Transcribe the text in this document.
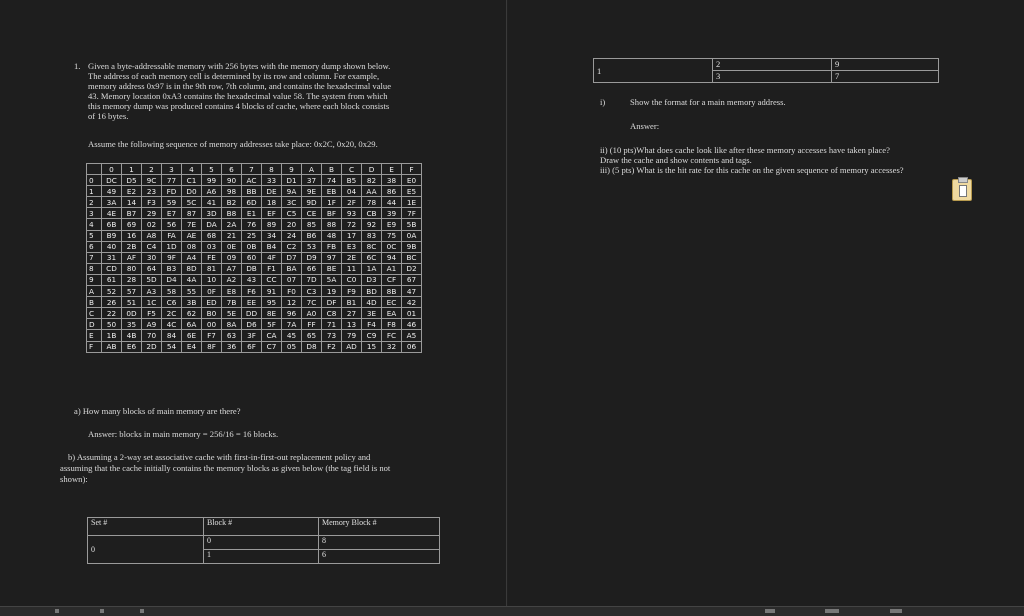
1. Given a byte-addressable memory with 256 bytes with the memory dump shown below.
The address of each memory cell is determined by its row and column. For example,
memory address 0x97 is in the 9th row, 7th column, and contains the hexadecimal value
43. Memory location 0xA3 contains the hexadecimal value 58. The system from which
this memory dump was produced contains 4 blocks of cache, where each block consists
of 16 bytes.
Assume the following sequence of memory addresses take place: 0x2C, 0x20, 0x29.
	0	1	2	3	4	5	6	7	8	9	A	B	C	D	E	F
0	DC	D5	9C	77	C1	99	90	AC	33	D1	37	74	B5	82	38	E0
1	49	E2	23	FD	D0	A6	98	BB	DE	9A	9E	EB	04	AA	86	E5
2	3A	14	F3	59	5C	41	B2	6D	18	3C	9D	1F	2F	78	44	1E
3	4E	B7	29	E7	87	3D	B8	E1	EF	C5	CE	BF	93	CB	39	7F
4	6B	69	02	56	7E	DA	2A	76	89	20	85	88	72	92	E9	5B
5	B9	16	A8	FA	AE	68	21	25	34	24	B6	48	17	83	75	0A
6	40	2B	C4	1D	08	03	0E	0B	B4	C2	53	FB	E3	8C	0C	9B
7	31	AF	30	9F	A4	FE	09	60	4F	D7	D9	97	2E	6C	94	BC
8	CD	80	64	B3	8D	81	A7	DB	F1	BA	66	BE	11	1A	A1	D2
9	61	28	5D	D4	4A	10	A2	43	CC	07	7D	5A	C0	D3	CF	67
A	52	57	A3	58	55	0F	E8	F6	91	F0	C3	19	F9	BD	8B	47
B	26	51	1C	C6	3B	ED	7B	EE	95	12	7C	DF	B1	4D	EC	42
C	22	0D	F5	2C	62	B0	5E	DD	8E	96	A0	C8	27	3E	EA	01
D	50	35	A9	4C	6A	00	8A	D6	5F	7A	FF	71	13	F4	F8	46
E	1B	4B	70	84	6E	F7	63	3F	CA	45	65	73	79	C9	FC	A5
F	AB	E6	2D	54	E4	8F	36	6F	C7	05	D8	F2	AD	15	32	06
a) How many blocks of main memory are there?
Answer: blocks in main memory = 256/16 = 16 blocks.
b) Assuming a 2-way set associative cache with first-in-first-out replacement policy and
assuming that the cache initially contains the memory blocks as given below (the tag field is not
shown):
Set #	Block #	Memory Block #
0	0	8
	1	6
1	2	9
	3	7
i)	Show the format for a main memory address.
Answer:
ii) (10 pts)What does cache look like after these memory accesses have taken place?
Draw the cache and show contents and tags.
iii) (5 pts) What is the hit rate for this cache on the given sequence of memory accesses?
